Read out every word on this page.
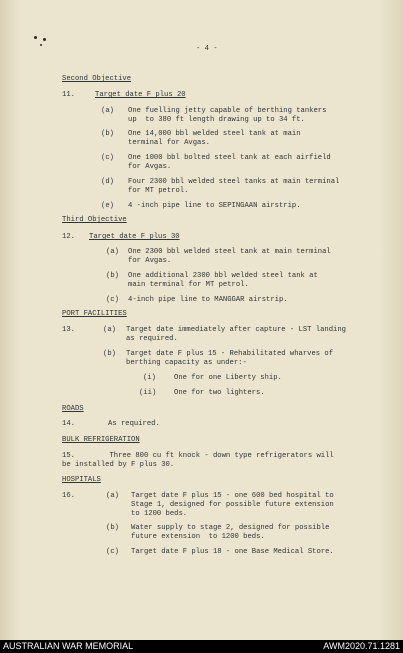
- 4 -
Second Objective
11.	Target date F plus 20
(a) One fuelling jetty capable of berthing tankers
up  to 380 ft length drawing up to 34 ft.
(b) One 14,000 bbl welded steel tank at main
terminal for Avgas.
(c) One 1000 bbl bolted steel tank at each airfield
for Avgas.
(d) Four 2300 bbl welded steel tanks at main terminal
for MT petrol.
(e) 4 -inch pipe line to SEPINGAAN airstrip.
Third Objective
12. Target date F plus 30
(a) One 2300 bbl welded steel tank at main terminal
for Avgas.
(b) One additional 2300 bbl welded steel tank at
main terminal for MT petrol.
(c) 4-inch pipe line to MANGGAR airstrip.
PORT FACILITIES
13.	(a) Target date immediately after capture - LST landing
as required.
(b) Target date F plus 15 - Rehabilitated wharves of
berthing capacity as under:-
(i)	One for one Liberty ship.
(ii) One for two lighters.
ROADS
14.	As required.
BULK REFRIGERATION
15.        Three 800 cu ft knock - down type refrigerators will
be installed by F plus 30.
HOSPITALS
16.	(a) Target date F plus 15 - one 600 bed hospital to
Stage 1, designed for possible future extension
to 1200 beds.
(b) Water supply to stage 2, designed for possible
future extension  to 1200 beds.
(c) Target date F plus 18 - one Base Medical Store.
AUSTRALIAN WAR MEMORIAL	AWM2020.71.1281
